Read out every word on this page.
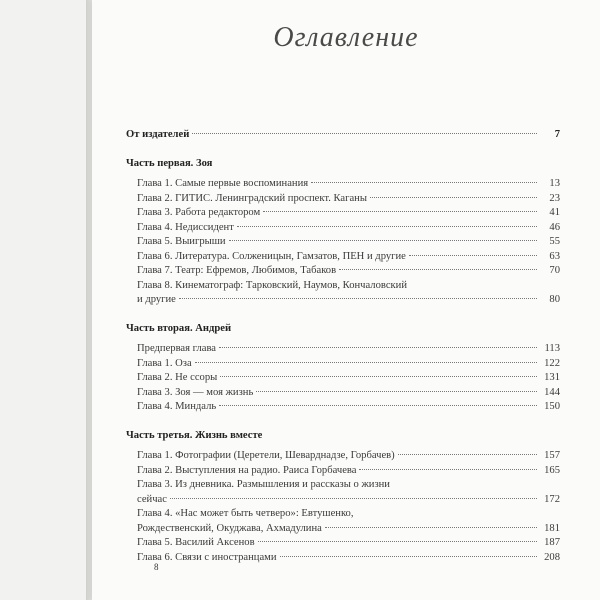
Оглавление
От издателей	7
Часть первая. Зоя
Глава 1. Самые первые воспоминания	13
Глава 2. ГИТИС. Ленинградский проспект. Каганы	23
Глава 3. Работа редактором	41
Глава 4. Недиссидент	46
Глава 5. Выигрыши	55
Глава 6. Литература. Солженицын, Гамзатов, ПЕН и другие	63
Глава 7. Театр: Ефремов, Любимов, Табаков	70
Глава 8. Кинематограф: Тарковский, Наумов, Кончаловский
и другие	80
Часть вторая. Андрей
Предпервая глава	113
Глава 1. Оза	122
Глава 2. Не ссоры	131
Глава 3. Зоя — моя жизнь	144
Глава 4. Миндаль	150
Часть третья. Жизнь вместе
Глава 1. Фотографии (Церетели, Шеварднадзе, Горбачев)	157
Глава 2. Выступления на радио. Раиса Горбачева	165
Глава 3. Из дневника. Размышления и рассказы о жизни
сейчас	172
Глава 4. «Нас может быть четверо»: Евтушенко,
Рождественский, Окуджава, Ахмадулина	181
Глава 5. Василий Аксенов	187
Глава 6. Связи с иностранцами	208
8
